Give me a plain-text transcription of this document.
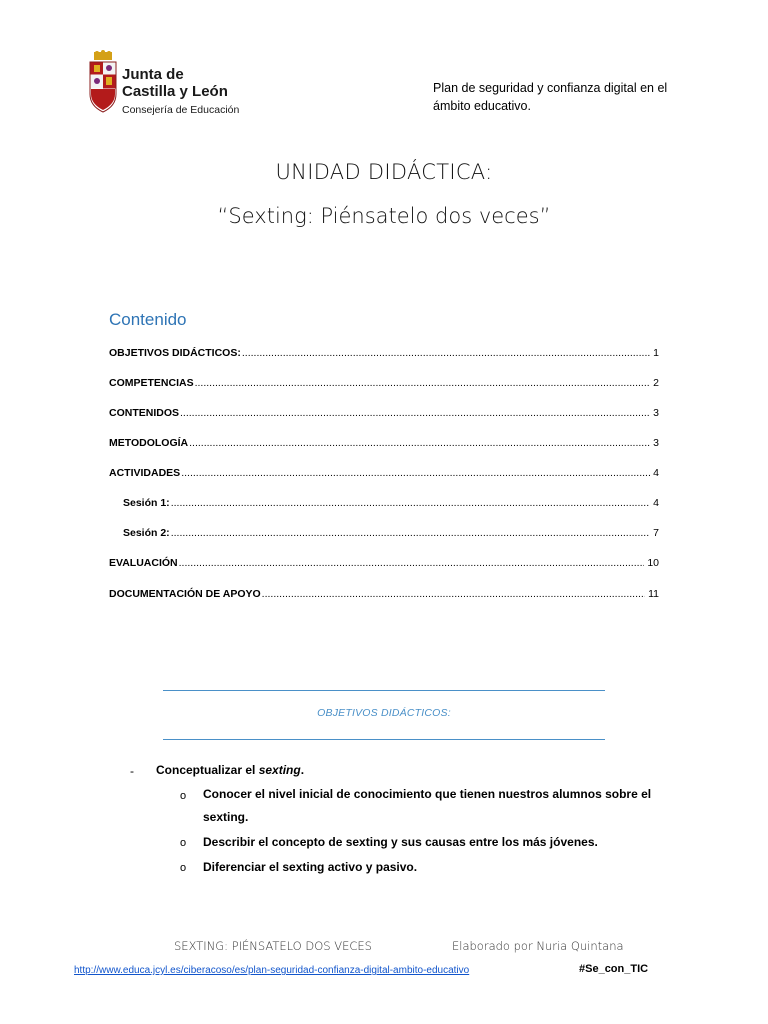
Junta de
Castilla y León
Consejería de Educación
Plan de seguridad y confianza digital en el ámbito educativo.
UNIDAD DIDÁCTICA:
“Sexting: Piénsatelo dos veces”
Contenido
OBJETIVOS DIDÁCTICOS: .....	1
COMPETENCIAS .....	2
CONTENIDOS .....	3
METODOLOGÍA .....	3
ACTIVIDADES .....	4
Sesión 1: .....	4
Sesión 2: .....	7
EVALUACIÓN .....	10
DOCUMENTACIÓN DE APOYO .....	11
OBJETIVOS DIDÁCTICOS:
- Conceptualizar el sexting.
o Conocer el nivel inicial de conocimiento que tienen nuestros alumnos sobre el sexting.
o Describir el concepto de sexting y sus causas entre los más jóvenes.
o Diferenciar el sexting activo y pasivo.
SEXTING: PIÉNSATELO DOS VECES	Elaborado por Nuria Quintana
http://www.educa.jcyl.es/ciberacoso/es/plan-seguridad-confianza-digital-ambito-educativo	#Se_con_TIC
